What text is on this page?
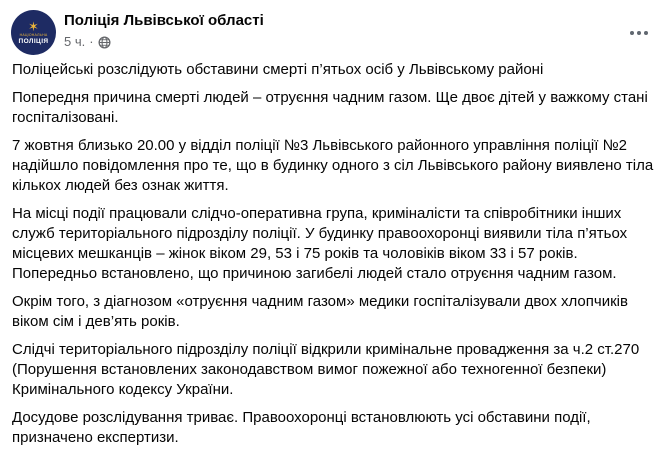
✶
НАЦІОНАЛЬНА
ПОЛІЦІЯ
Поліція Львівської області
5 ч. ·
Поліцейські розслідують обставини смерті п’ятьох осіб у Львівському районі
Попередня причина смерті людей – отруєння чадним газом. Ще двоє дітей у важкому стані госпіталізовані.
7 жовтня близько 20.00 у відділ поліції №3 Львівського районного управління поліції №2 надійшло повідомлення про те, що в будинку одного з сіл Львівського району виявлено тіла кількох людей без ознак життя.
На місці події працювали слідчо-оперативна група, криміналісти та співробітники інших служб територіального підрозділу поліції. У будинку правоохоронці виявили тіла п’ятьох місцевих мешканців – жінок віком 29, 53 і 75 років та чоловіків віком 33 і 57 років. Попередньо встановлено, що причиною загибелі людей стало отруєння чадним газом.
Окрім того, з діагнозом «отруєння чадним газом» медики госпіталізували двох хлопчиків віком сім і дев’ять років.
Слідчі територіального підрозділу поліції відкрили кримінальне провадження за ч.2 ст.270 (Порушення встановлених законодавством вимог пожежної або техногенної безпеки) Кримінального кодексу України.
Досудове розслідування триває. Правоохоронці встановлюють усі обставини події, призначено експертизи.
